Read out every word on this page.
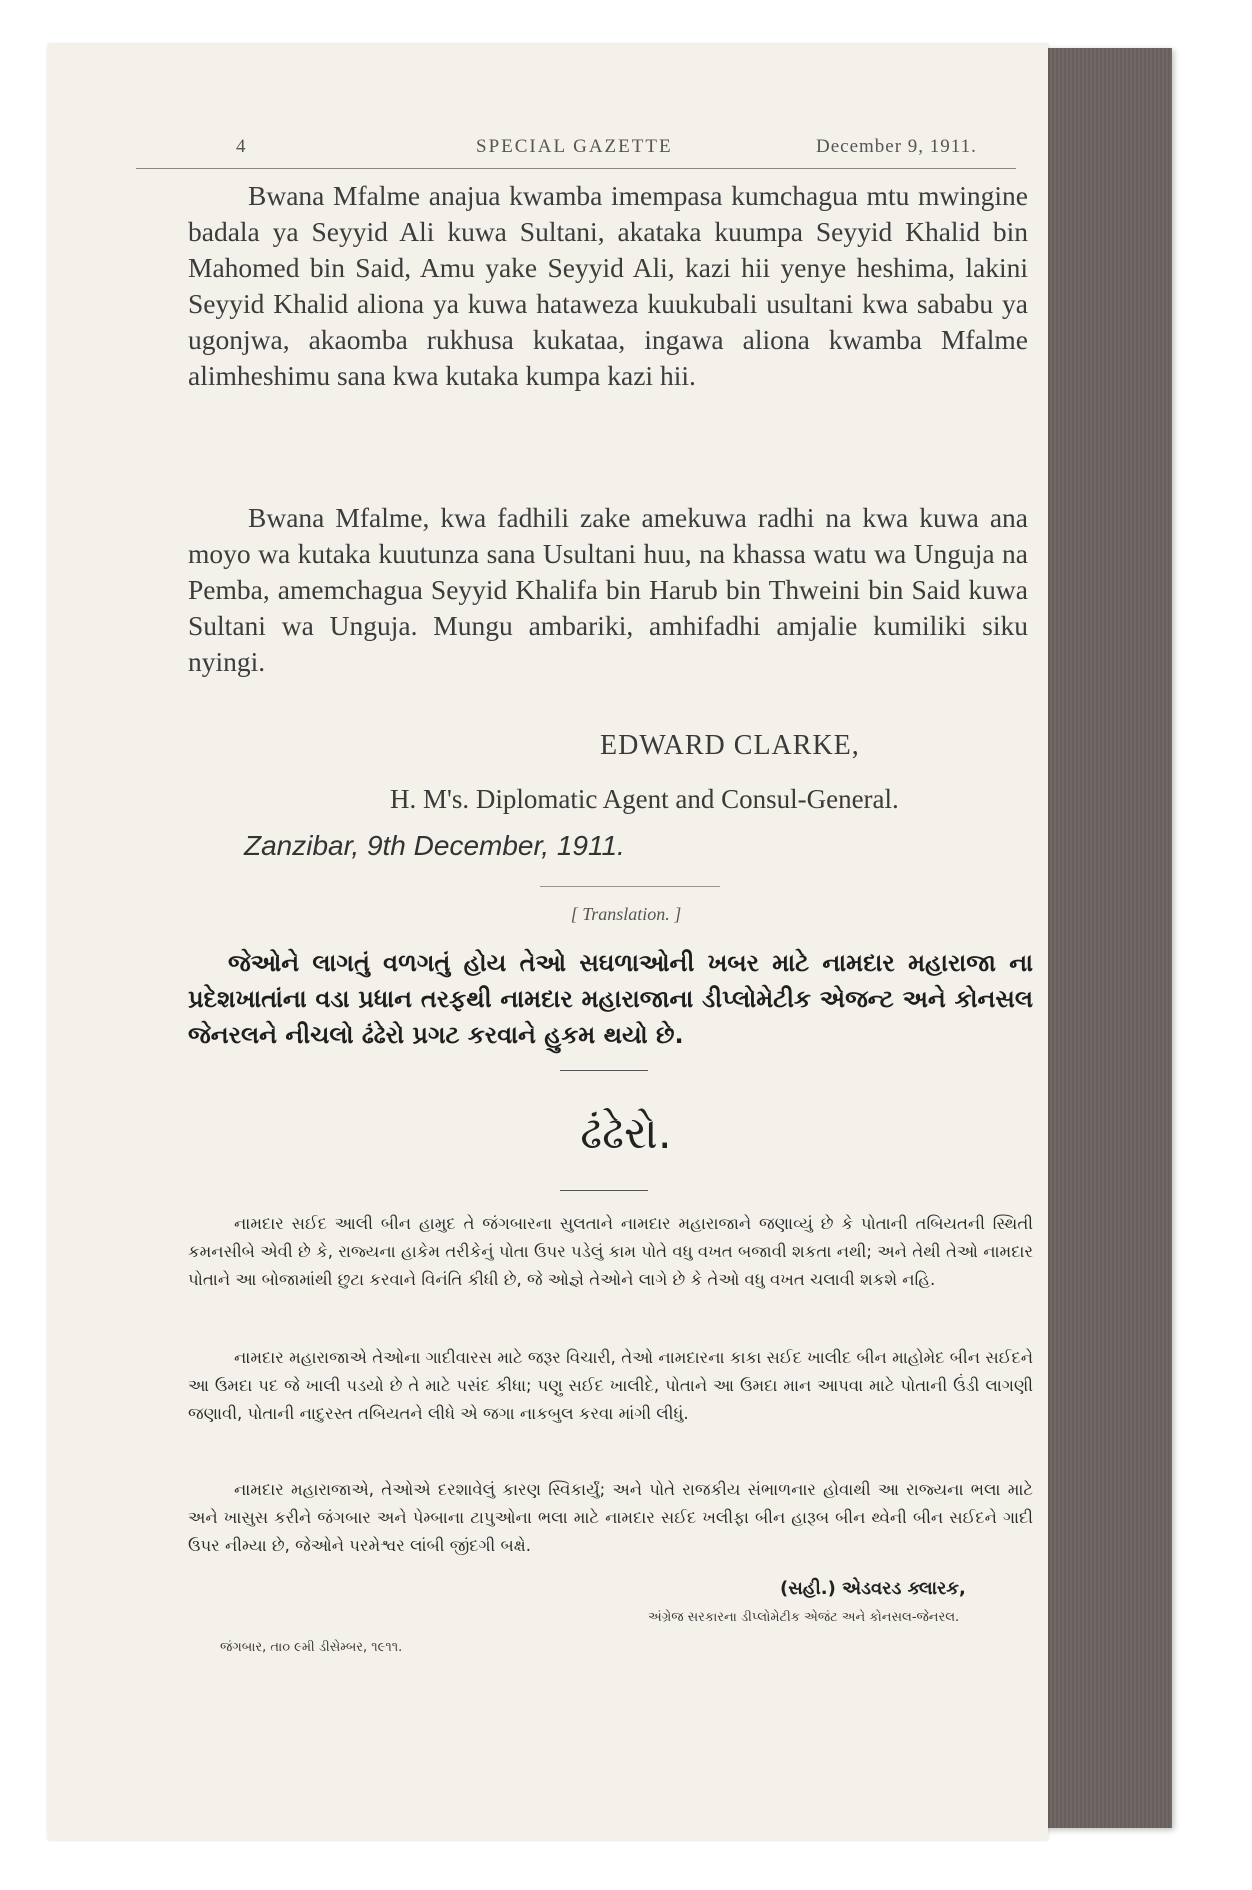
4	SPECIAL GAZETTE	December 9, 1911.

Bwana Mfalme anajua kwamba imempasa kumchagua mtu mwingine badala ya Seyyid Ali kuwa Sultani, akataka kuumpa Seyyid Khalid bin Mahomed bin Said, Amu yake Seyyid Ali, kazi hii yenye heshima, lakini Seyyid Khalid aliona ya kuwa hataweza kuukubali usultani kwa sababu ya ugonjwa, akaomba rukhusa kukataa, ingawa aliona kwamba Mfalme alimheshimu sana kwa kutaka kumpa kazi hii.

Bwana Mfalme, kwa fadhili zake amekuwa radhi na kwa kuwa ana moyo wa kutaka kuutunza sana Usultani huu, na khassa watu wa Unguja na Pemba, amemchagua Seyyid Khalifa bin Harub bin Thweini bin Said kuwa Sultani wa Unguja. Mungu ambariki, amhifadhi amjalie kumiliki siku nyingi.

EDWARD CLARKE,
H. M's. Diplomatic Agent and Consul-General.
Zanzibar, 9th December, 1911.
[ Translation. ]

જેઓને લાગતું વળગતું હોય તેઓ સઘળાઓની ખબર માટે નામદાર મહારાજા ના પ્રદેશખાતાંના વડા પ્રધાન તરફથી નામદાર મહારાજાના ડીપ્લોમેટીક એજન્ટ અને કોનસલ જેનરલને નીચલો ઢંઢેરો પ્રગટ કરવાને હુકમ થયો છે.

ઢંઢેરો.

નામદાર સઈદ આલી બીન હામુદ તે જંગબારના સુલતાને નામદાર મહારાજાને જણાવ્યું છે કે પોતાની તબિયતની સ્થિતી કમનસીબે એવી છે કે, રાજ્યના હાકેમ તરીકેનું પોતા ઉપર પડેલું કામ પોતે વધુ વખત બજાવી શકતા નથી; અને તેથી તેઓ નામદાર પોતાને આ બોજામાંથી છુટા કરવાને વિનંતિ કીધી છે, જે ઓજ્ઞે તેઓને લાગે છે કે તેઓ વધુ વખત ચલાવી શકશે નહિ.

નામદાર મહારાજાએ તેઓના ગાદીવારસ માટે જરૂર વિચારી, તેઓ નામદારના કાકા સઈદ ખાલીદ બીન માહોમેદ બીન સઈદને આ ઉમદા પદ જે ખાલી પડયો છે તે માટે પસંદ કીધા; પણુ સઈદ ખાલીદે, પોતાને આ ઉમદા માન આપવા માટે પોતાની ઉંડી લાગણી જણાવી, પોતાની નાદુરસ્ત તબિયતને લીધે એ જગા નાકબુલ કરવા માંગી લીધું.

નામદાર મહારાજાએ, તેઓએ દરશાવેલું કારણ સ્વિકાર્યું; અને પોતે રાજકીય સંભાળનાર હોવાથી આ રાજ્યના ભલા માટે અને ખાસુસ કરીને જંગબાર અને પેમ્બાના ટાપુઓના ભલા માટે નામદાર સઈદ ખલીફા બીન હારૂબ બીન થ્વેની બીન સઈદને ગાદી ઉપર નીમ્યા છે, જેઓને પરમેશ્વર લાંબી જીંદગી બક્ષે.

(સહી.) એડવરડ ક્લારક,
અંગ્રેજ સરકારના ડીપ્લોમેટીક એજંટ અને કોનસલ-જેનરલ.
જંગબાર, તા૦ ૯મી ડીસેમ્બર, ૧૯૧૧.
